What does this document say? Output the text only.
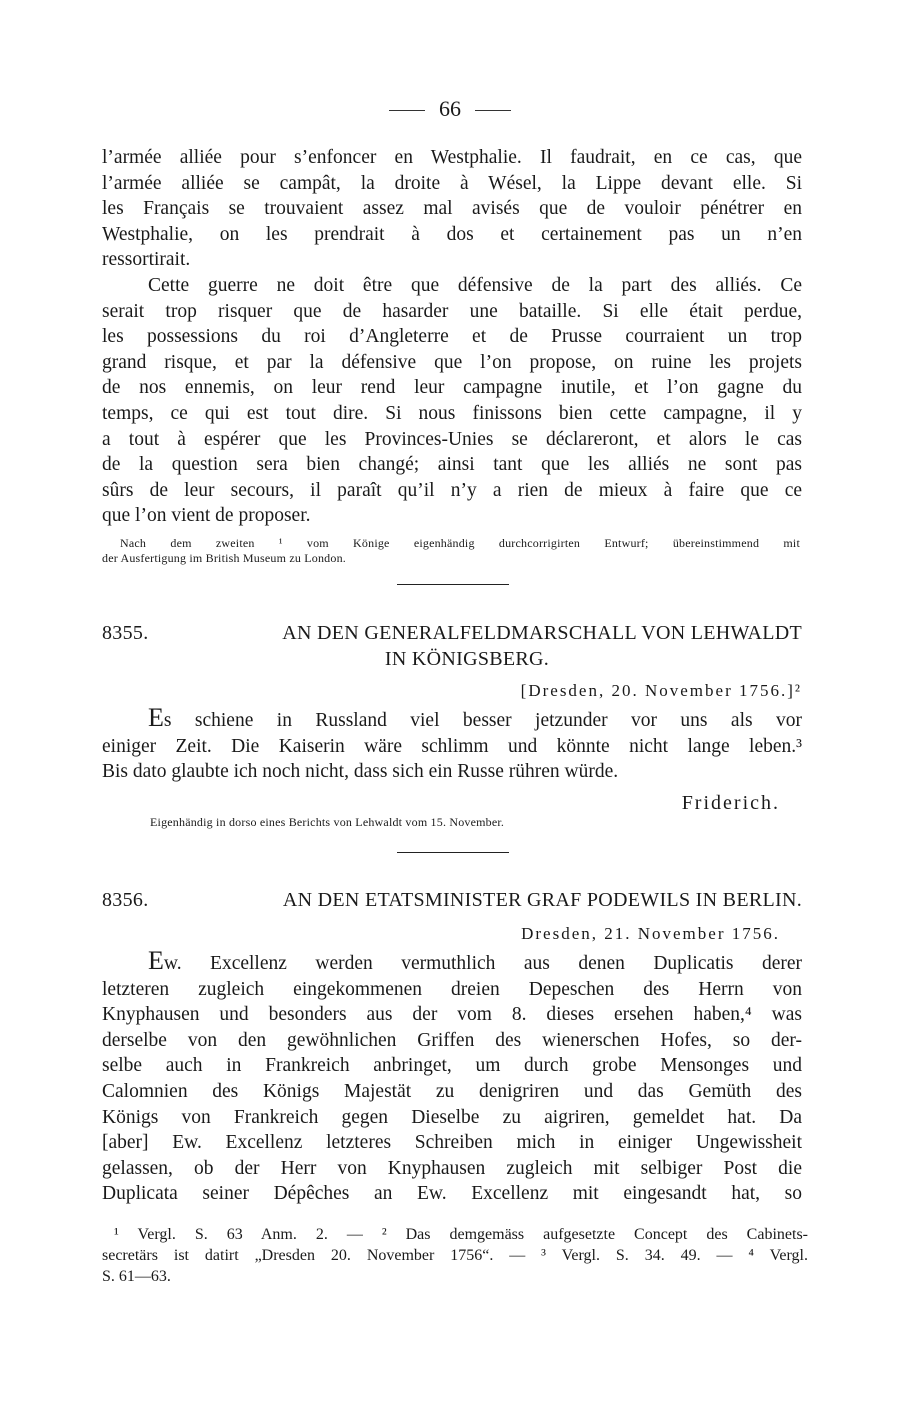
66
l’armée alliée pour s’enfoncer en Westphalie. Il faudrait, en ce cas, que
l’armée alliée se campât, la droite à Wésel, la Lippe devant elle. Si
les Français se trouvaient assez mal avisés que de vouloir pénétrer en
Westphalie, on les prendrait à dos et certainement pas un n’en
ressortirait.
Cette guerre ne doit être que défensive de la part des alliés. Ce
serait trop risquer que de hasarder une bataille. Si elle était perdue,
les possessions du roi d’Angleterre et de Prusse courraient un trop
grand risque, et par la défensive que l’on propose, on ruine les projets
de nos ennemis, on leur rend leur campagne inutile, et l’on gagne du
temps, ce qui est tout dire. Si nous finissons bien cette campagne, il y
a tout à espérer que les Provinces-Unies se déclareront, et alors le cas
de la question sera bien changé; ainsi tant que les alliés ne sont pas
sûrs de leur secours, il paraît qu’il n’y a rien de mieux à faire que ce
que l’on vient de proposer.
Nach dem zweiten ¹ vom Könige eigenhändig durchcorrigirten Entwurf; übereinstimmend mit
der Ausfertigung im British Museum zu London.
8355.	AN DEN GENERALFELDMARSCHALL VON LEHWALDT
IN KÖNIGSBERG.
[Dresden, 20. November 1756.]²
Es schiene in Russland viel besser jetzunder vor uns als vor
einiger Zeit. Die Kaiserin wäre schlimm und könnte nicht lange leben.³
Bis dato glaubte ich noch nicht, dass sich ein Russe rühren würde.
Friderich.
Eigenhändig in dorso eines Berichts von Lehwaldt vom 15. November.
8356.	AN DEN ETATSMINISTER GRAF PODEWILS IN BERLIN.
Dresden, 21. November 1756.
Ew. Excellenz werden vermuthlich aus denen Duplicatis derer
letzteren zugleich eingekommenen dreien Depeschen des Herrn von
Knyphausen und besonders aus der vom 8. dieses ersehen haben,⁴ was
derselbe von den gewöhnlichen Griffen des wienerschen Hofes, so der-
selbe auch in Frankreich anbringet, um durch grobe Mensonges und
Calomnien des Königs Majestät zu denigriren und das Gemüth des
Königs von Frankreich gegen Dieselbe zu aigriren, gemeldet hat. Da
[aber] Ew. Excellenz letzteres Schreiben mich in einiger Ungewissheit
gelassen, ob der Herr von Knyphausen zugleich mit selbiger Post die
Duplicata seiner Dépêches an Ew. Excellenz mit eingesandt hat, so
¹ Vergl. S. 63 Anm. 2. — ² Das demgemäss aufgesetzte Concept des Cabinets-
secretärs ist datirt „Dresden 20. November 1756“. — ³ Vergl. S. 34. 49. — ⁴ Vergl.
S. 61—63.
